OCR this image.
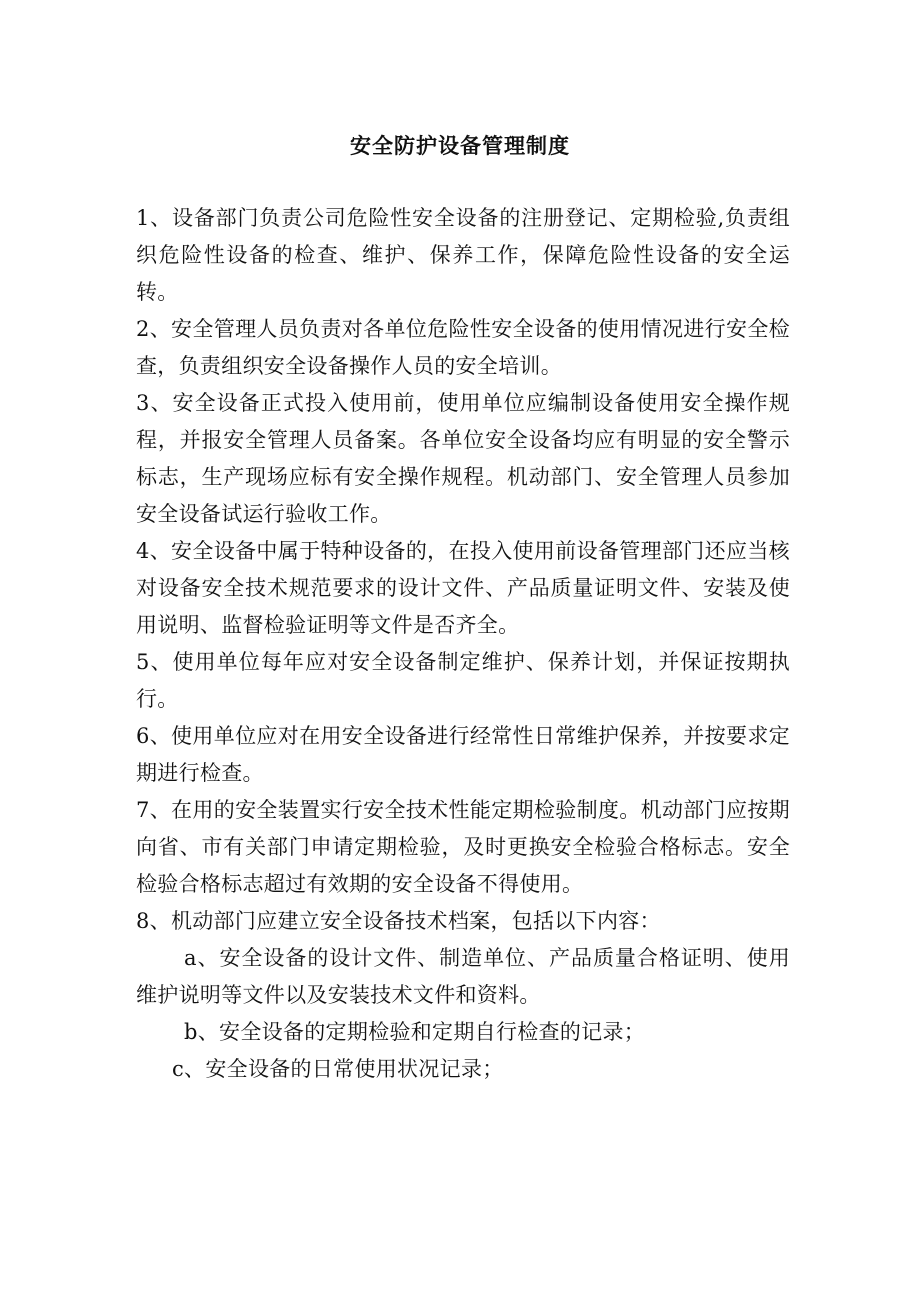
安全防护设备管理制度

1、设备部门负责公司危险性安全设备的注册登记、定期检验,负责组织危险性设备的检查、维护、保养工作，保障危险性设备的安全运转。

2、安全管理人员负责对各单位危险性安全设备的使用情况进行安全检查，负责组织安全设备操作人员的安全培训。

3、安全设备正式投入使用前，使用单位应编制设备使用安全操作规程，并报安全管理人员备案。各单位安全设备均应有明显的安全警示标志，生产现场应标有安全操作规程。机动部门、安全管理人员参加安全设备试运行验收工作。

4、安全设备中属于特种设备的，在投入使用前设备管理部门还应当核对设备安全技术规范要求的设计文件、产品质量证明文件、安装及使用说明、监督检验证明等文件是否齐全。

5、使用单位每年应对安全设备制定维护、保养计划，并保证按期执行。

6、使用单位应对在用安全设备进行经常性日常维护保养，并按要求定期进行检查。

7、在用的安全装置实行安全技术性能定期检验制度。机动部门应按期向省、市有关部门申请定期检验，及时更换安全检验合格标志。安全检验合格标志超过有效期的安全设备不得使用。

8、机动部门应建立安全设备技术档案，包括以下内容：

a、安全设备的设计文件、制造单位、产品质量合格证明、使用维护说明等文件以及安装技术文件和资料。

b、安全设备的定期检验和定期自行检查的记录；

c、安全设备的日常使用状况记录；
